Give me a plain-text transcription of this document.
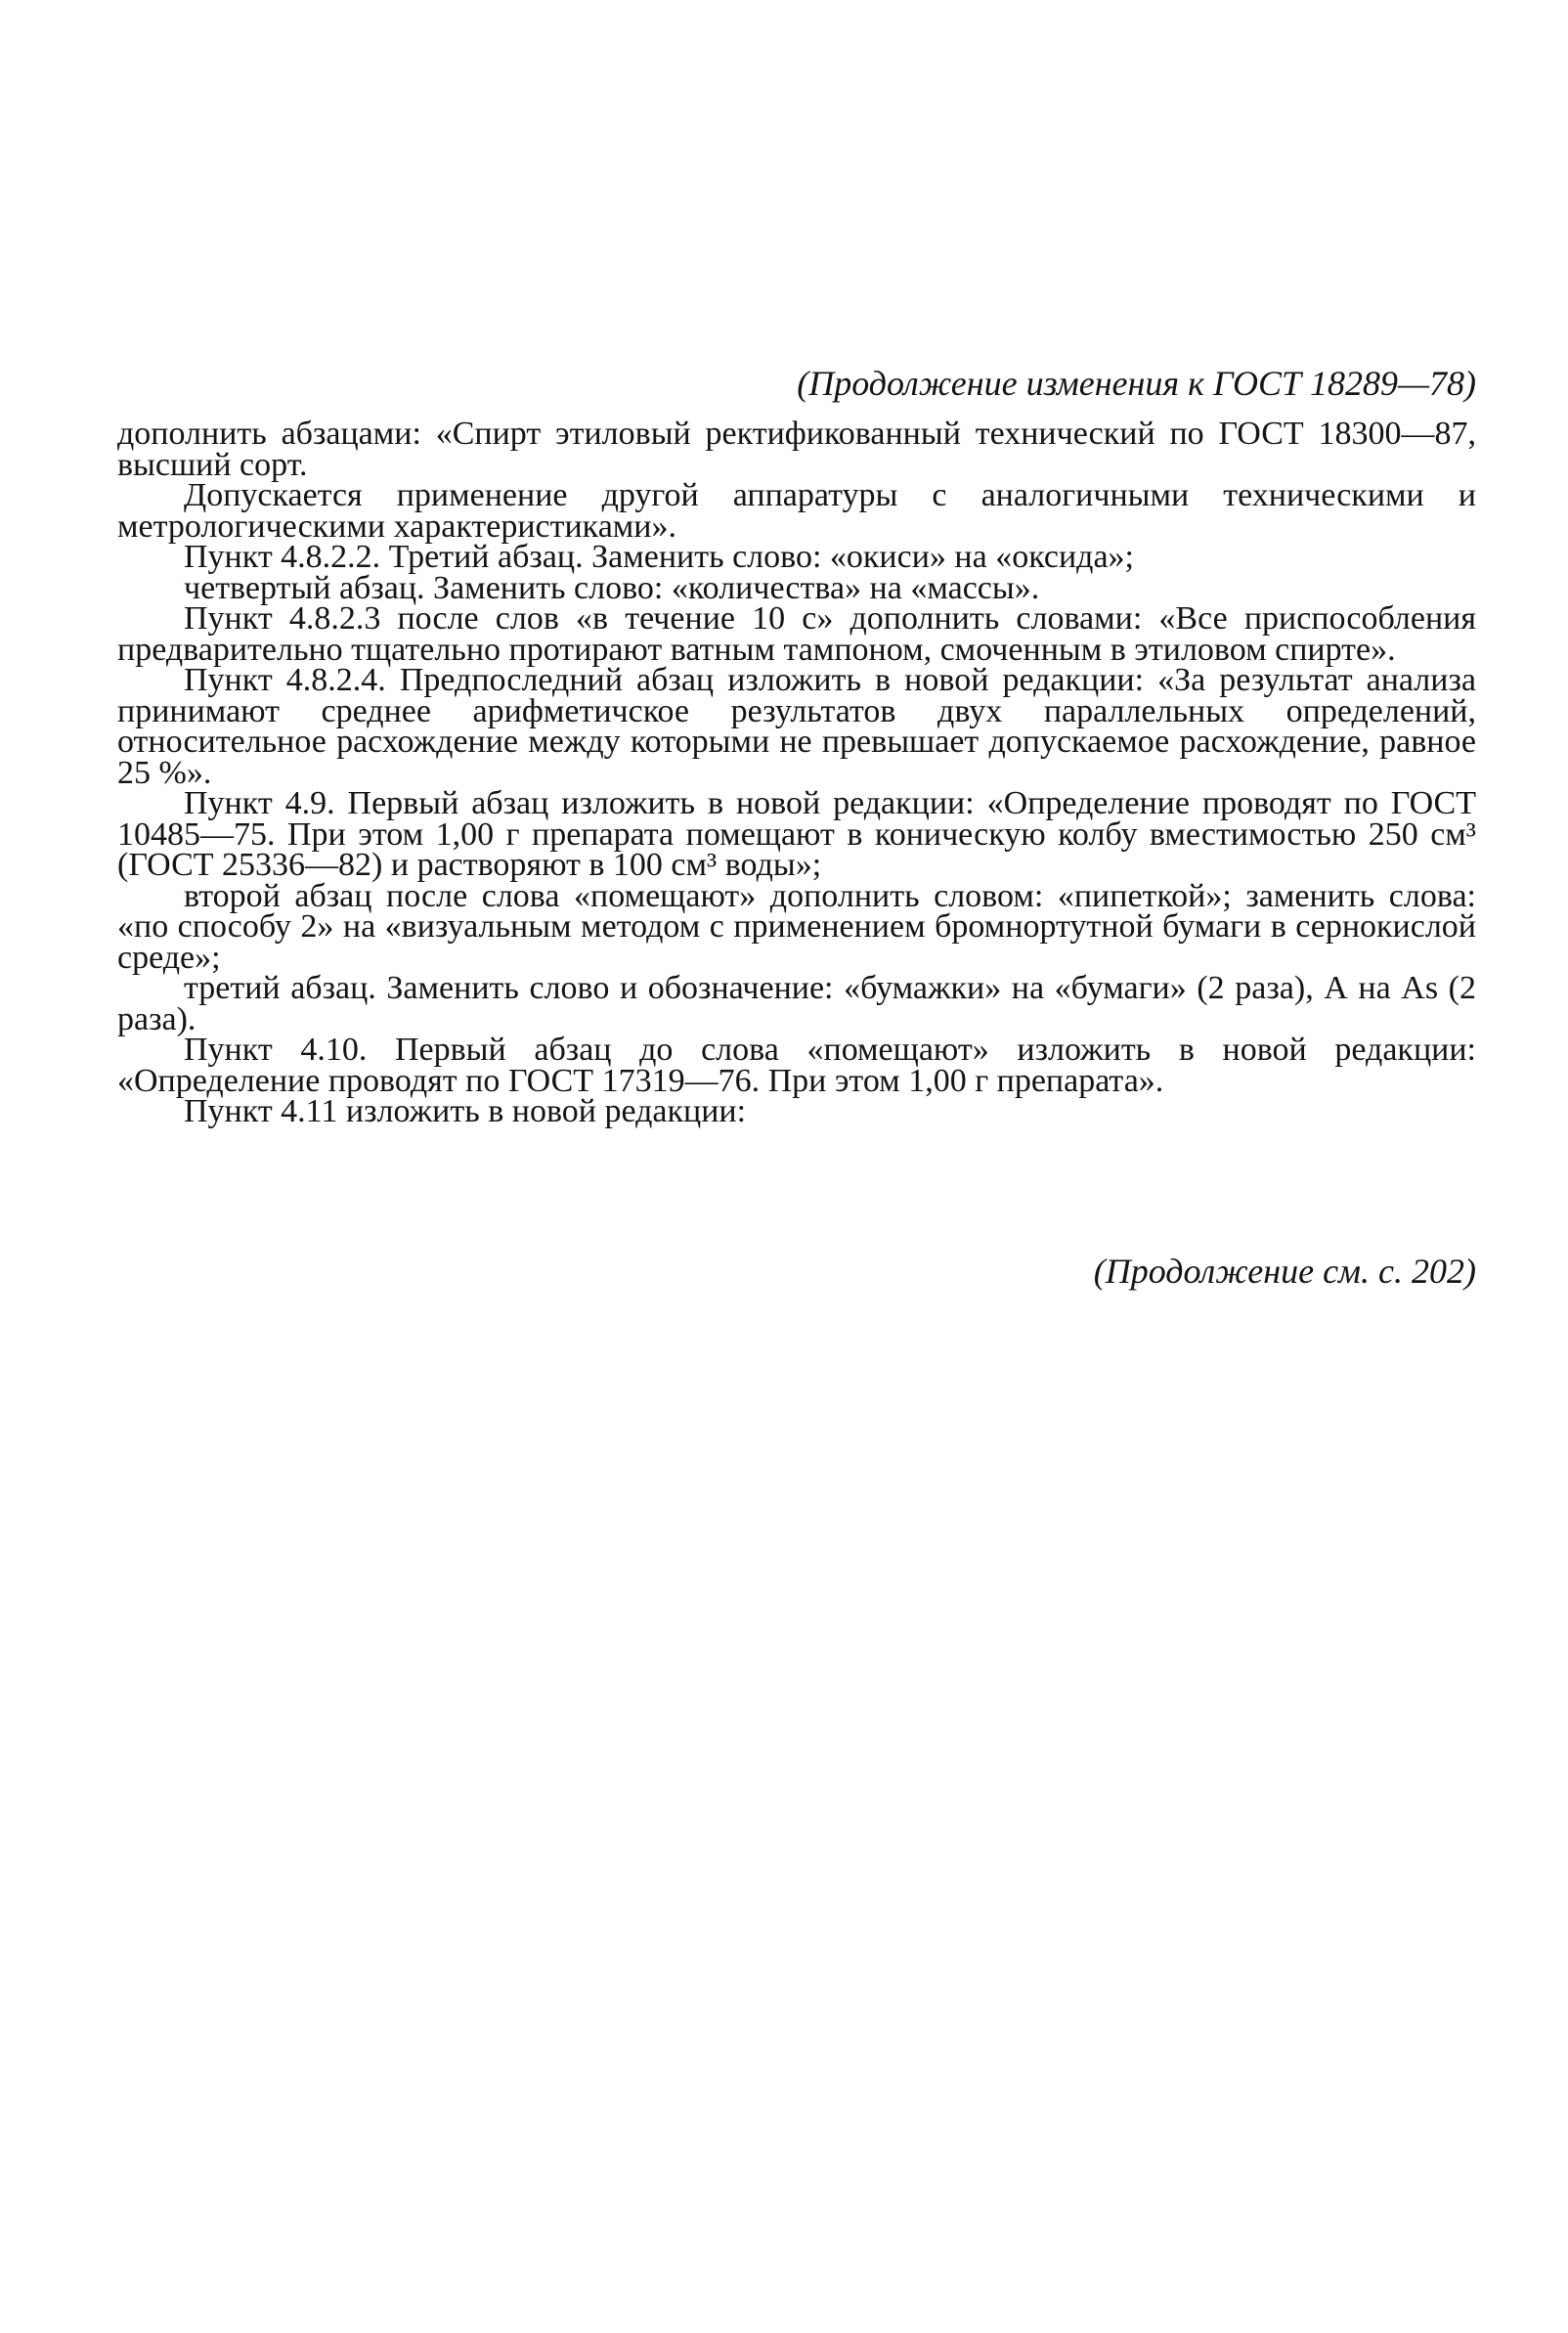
(Продолжение изменения к ГОСТ 18289—78)

дополнить абзацами: «Спирт этиловый ректификованный технический по ГОСТ 18300—87, высший сорт.

Допускается применение другой аппаратуры с аналогичными техническими и метрологическими характеристиками».

Пункт 4.8.2.2. Третий абзац. Заменить слово: «окиси» на «оксида»;

четвертый абзац. Заменить слово: «количества» на «массы».

Пункт 4.8.2.3 после слов «в течение 10 с» дополнить словами: «Все приспособления предварительно тщательно протирают ватным тампоном, смоченным в этиловом спирте».

Пункт 4.8.2.4. Предпоследний абзац изложить в новой редакции: «За результат анализа принимают среднее арифметичское результатов двух параллельных определений, относительное расхождение между которыми не превышает допускаемое расхождение, равное 25 %».

Пункт 4.9. Первый абзац изложить в новой редакции: «Определение проводят по ГОСТ 10485—75. При этом 1,00 г препарата помещают в коническую колбу вместимостью 250 см³ (ГОСТ 25336—82) и растворяют в 100 см³ воды»;

второй абзац после слова «помещают» дополнить словом: «пипеткой»; заменить слова: «по способу 2» на «визуальным методом с применением бромнортутной бумаги в сернокислой среде»;

третий абзац. Заменить слово и обозначение: «бумажки» на «бумаги» (2 раза), А на As (2 раза).

Пункт 4.10. Первый абзац до слова «помещают» изложить в новой редакции: «Определение проводят по ГОСТ 17319—76. При этом 1,00 г препарата».

Пункт 4.11 изложить в новой редакции:

(Продолжение см. с. 202)
